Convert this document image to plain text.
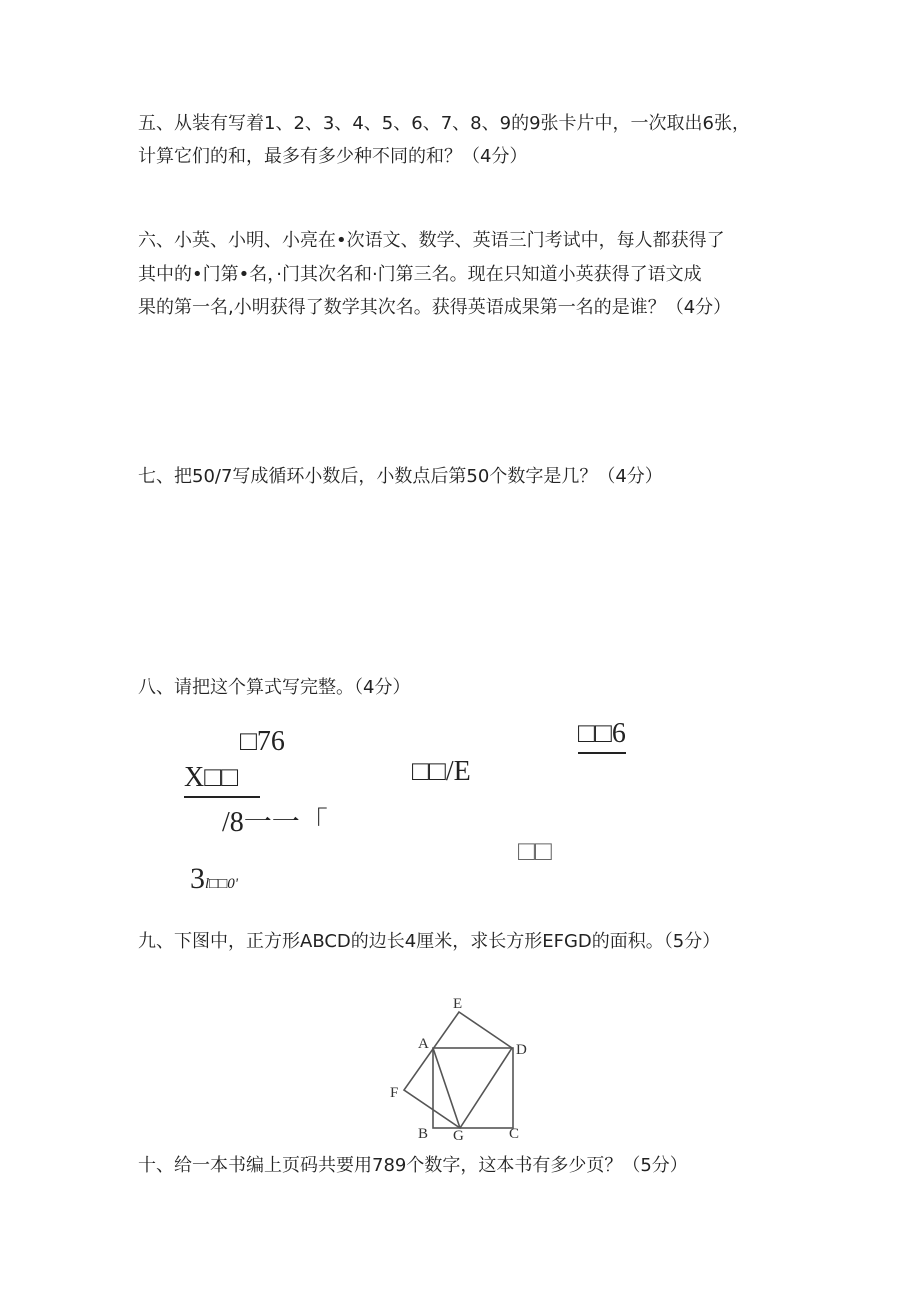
五、从装有写着1、2、3、4、5、6、7、8、9的9张卡片中，一次取出6张，
计算它们的和，最多有多少种不同的和？（4分）
六、小英、小明、小亮在•次语文、数学、英语三门考试中，每人都获得了
其中的•门第•名，·门其次名和·门第三名。现在只知道小英获得了语文成
果的第一名,小明获得了数学其次名。获得英语成果第一名的是谁？（4分）
七、把50/7写成循环小数后，小数点后第50个数字是几？（4分）
八、请把这个算式写完整。（4分）
□76
X□□
/8一一「
3l□□0'
□□/E
□□6
□□
九、下图中，正方形ABCD的边长4厘米，求长方形EFGD的面积。（5分）
E
A	D
F
B G	C
十、给一本书编上页码共要用789个数字，这本书有多少页？（5分）
